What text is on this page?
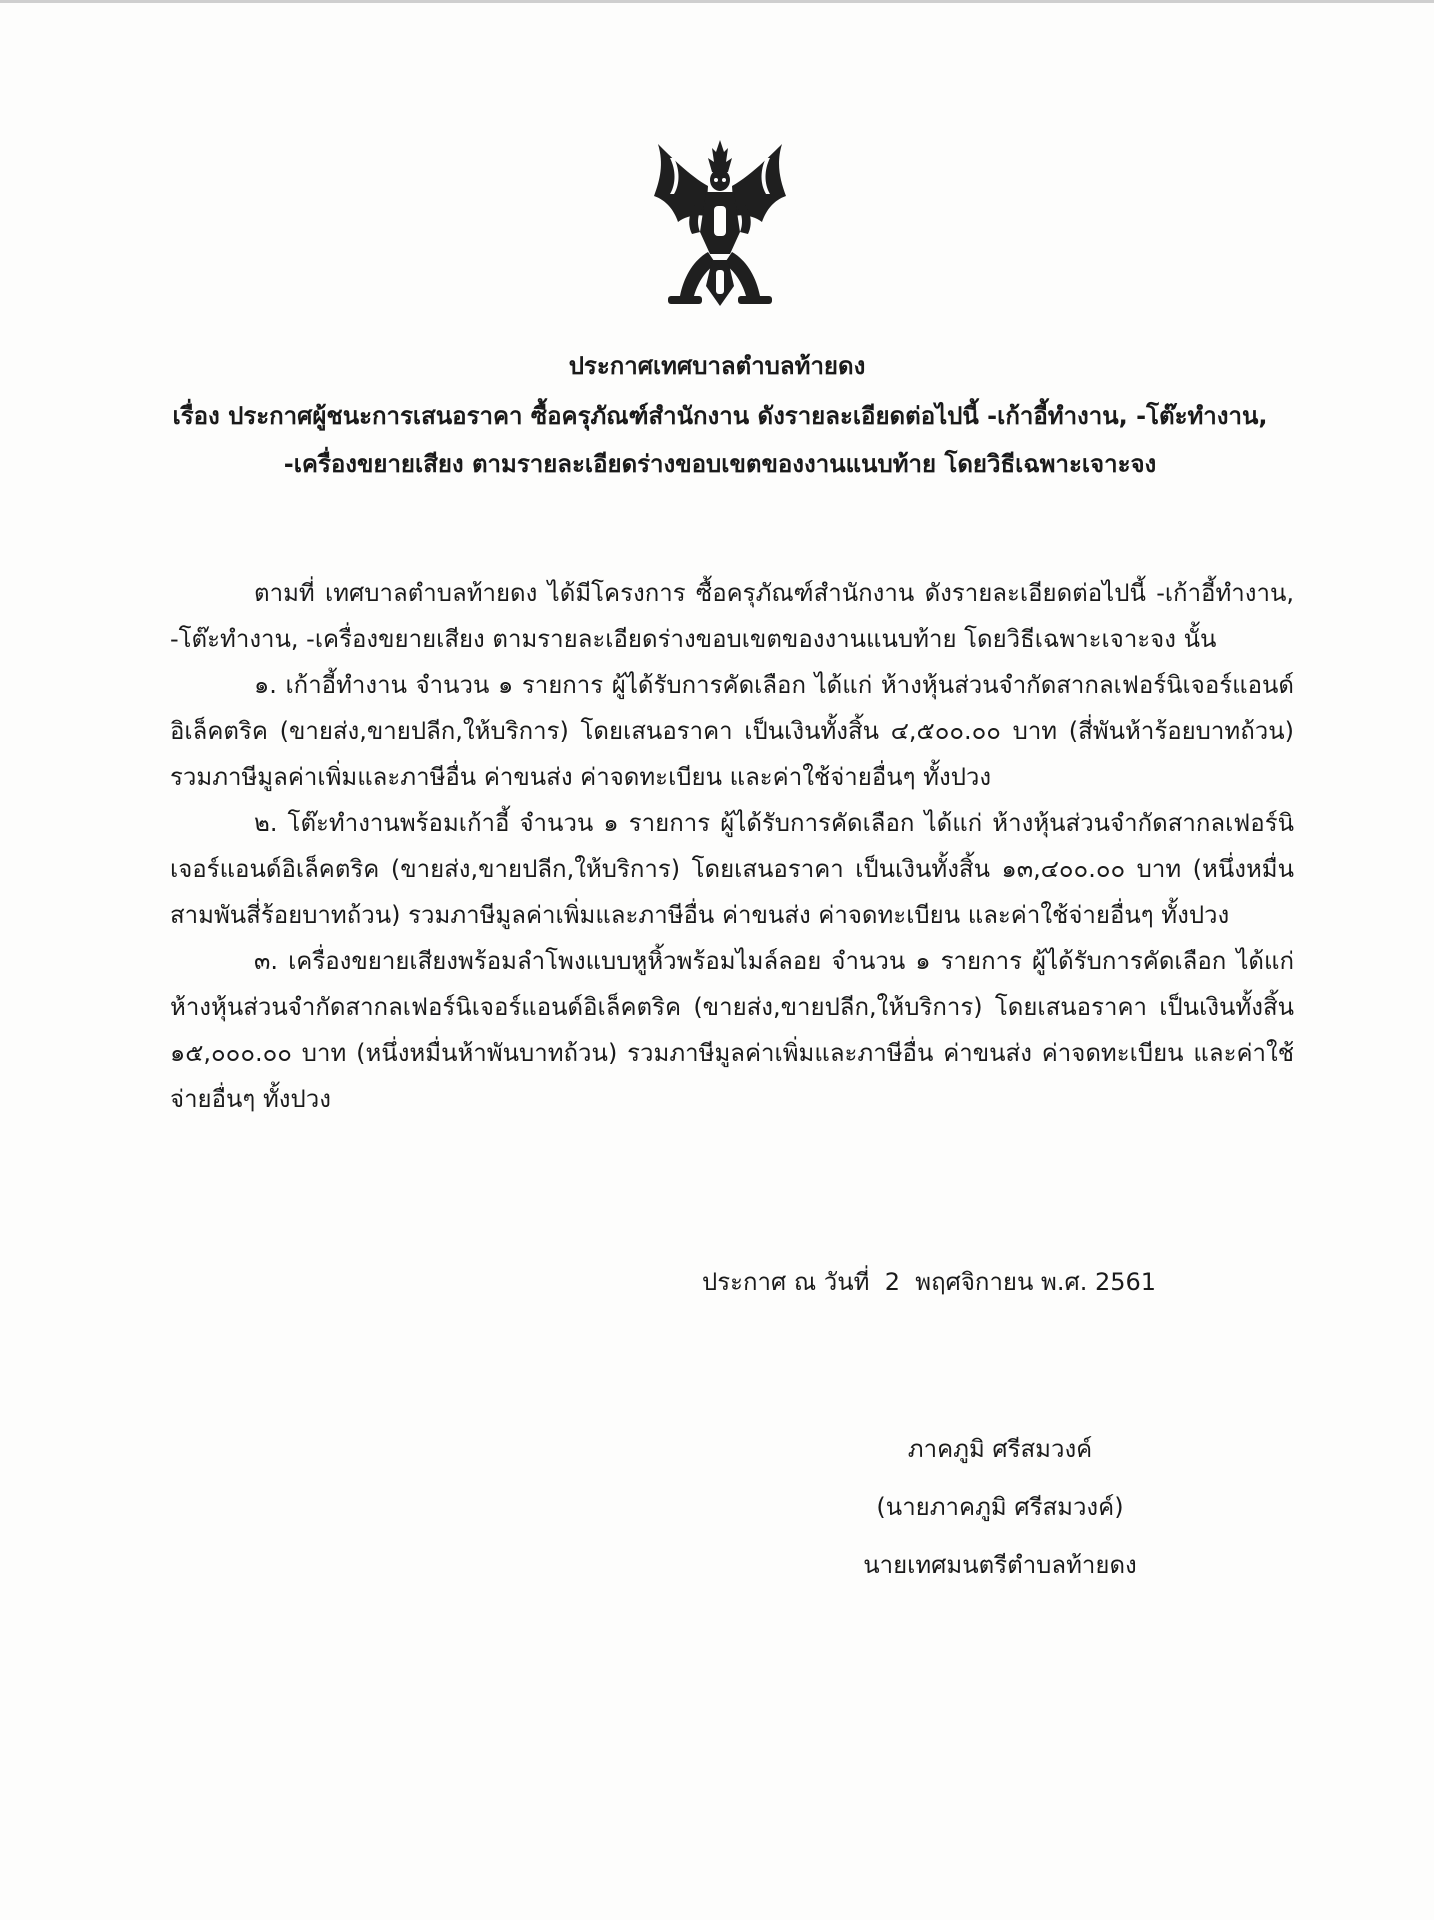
ประกาศเทศบาลตำบลท้ายดง
เรื่อง ประกาศผู้ชนะการเสนอราคา ซื้อครุภัณฑ์สำนักงาน ดังรายละเอียดต่อไปนี้ -เก้าอี้ทำงาน, -โต๊ะทำงาน, -เครื่องขยายเสียง ตามรายละเอียดร่างขอบเขตของงานแนบท้าย โดยวิธีเฉพาะเจาะจง

ตามที่ เทศบาลตำบลท้ายดง ได้มีโครงการ ซื้อครุภัณฑ์สำนักงาน ดังรายละเอียดต่อไปนี้ -เก้าอี้ทำงาน, -โต๊ะทำงาน, -เครื่องขยายเสียง ตามรายละเอียดร่างขอบเขตของงานแนบท้าย โดยวิธีเฉพาะเจาะจง นั้น

๑. เก้าอี้ทำงาน จำนวน ๑ รายการ ผู้ได้รับการคัดเลือก ได้แก่ ห้างหุ้นส่วนจำกัดสากลเฟอร์นิเจอร์แอนด์อิเล็คตริค (ขายส่ง,ขายปลีก,ให้บริการ) โดยเสนอราคา เป็นเงินทั้งสิ้น ๔,๕๐๐.๐๐ บาท (สี่พันห้าร้อยบาทถ้วน) รวมภาษีมูลค่าเพิ่มและภาษีอื่น ค่าขนส่ง ค่าจดทะเบียน และค่าใช้จ่ายอื่นๆ ทั้งปวง

๒. โต๊ะทำงานพร้อมเก้าอี้ จำนวน ๑ รายการ ผู้ได้รับการคัดเลือก ได้แก่ ห้างหุ้นส่วนจำกัดสากลเฟอร์นิเจอร์แอนด์อิเล็คตริค (ขายส่ง,ขายปลีก,ให้บริการ) โดยเสนอราคา เป็นเงินทั้งสิ้น ๑๓,๔๐๐.๐๐ บาท (หนึ่งหมื่นสามพันสี่ร้อยบาทถ้วน) รวมภาษีมูลค่าเพิ่มและภาษีอื่น ค่าขนส่ง ค่าจดทะเบียน และค่าใช้จ่ายอื่นๆ ทั้งปวง

๓. เครื่องขยายเสียงพร้อมลำโพงแบบหูหิ้วพร้อมไมล์ลอย จำนวน ๑ รายการ ผู้ได้รับการคัดเลือก ได้แก่ ห้างหุ้นส่วนจำกัดสากลเฟอร์นิเจอร์แอนด์อิเล็คตริค (ขายส่ง,ขายปลีก,ให้บริการ) โดยเสนอราคา เป็นเงินทั้งสิ้น ๑๕,๐๐๐.๐๐ บาท (หนึ่งหมื่นห้าพันบาทถ้วน) รวมภาษีมูลค่าเพิ่มและภาษีอื่น ค่าขนส่ง ค่าจดทะเบียน และค่าใช้จ่ายอื่นๆ ทั้งปวง

ประกาศ ณ วันที่  2  พฤศจิกายน พ.ศ. 2561
ภาคภูมิ ศรีสมวงค์
(นายภาคภูมิ ศรีสมวงค์)
นายเทศมนตรีตำบลท้ายดง
